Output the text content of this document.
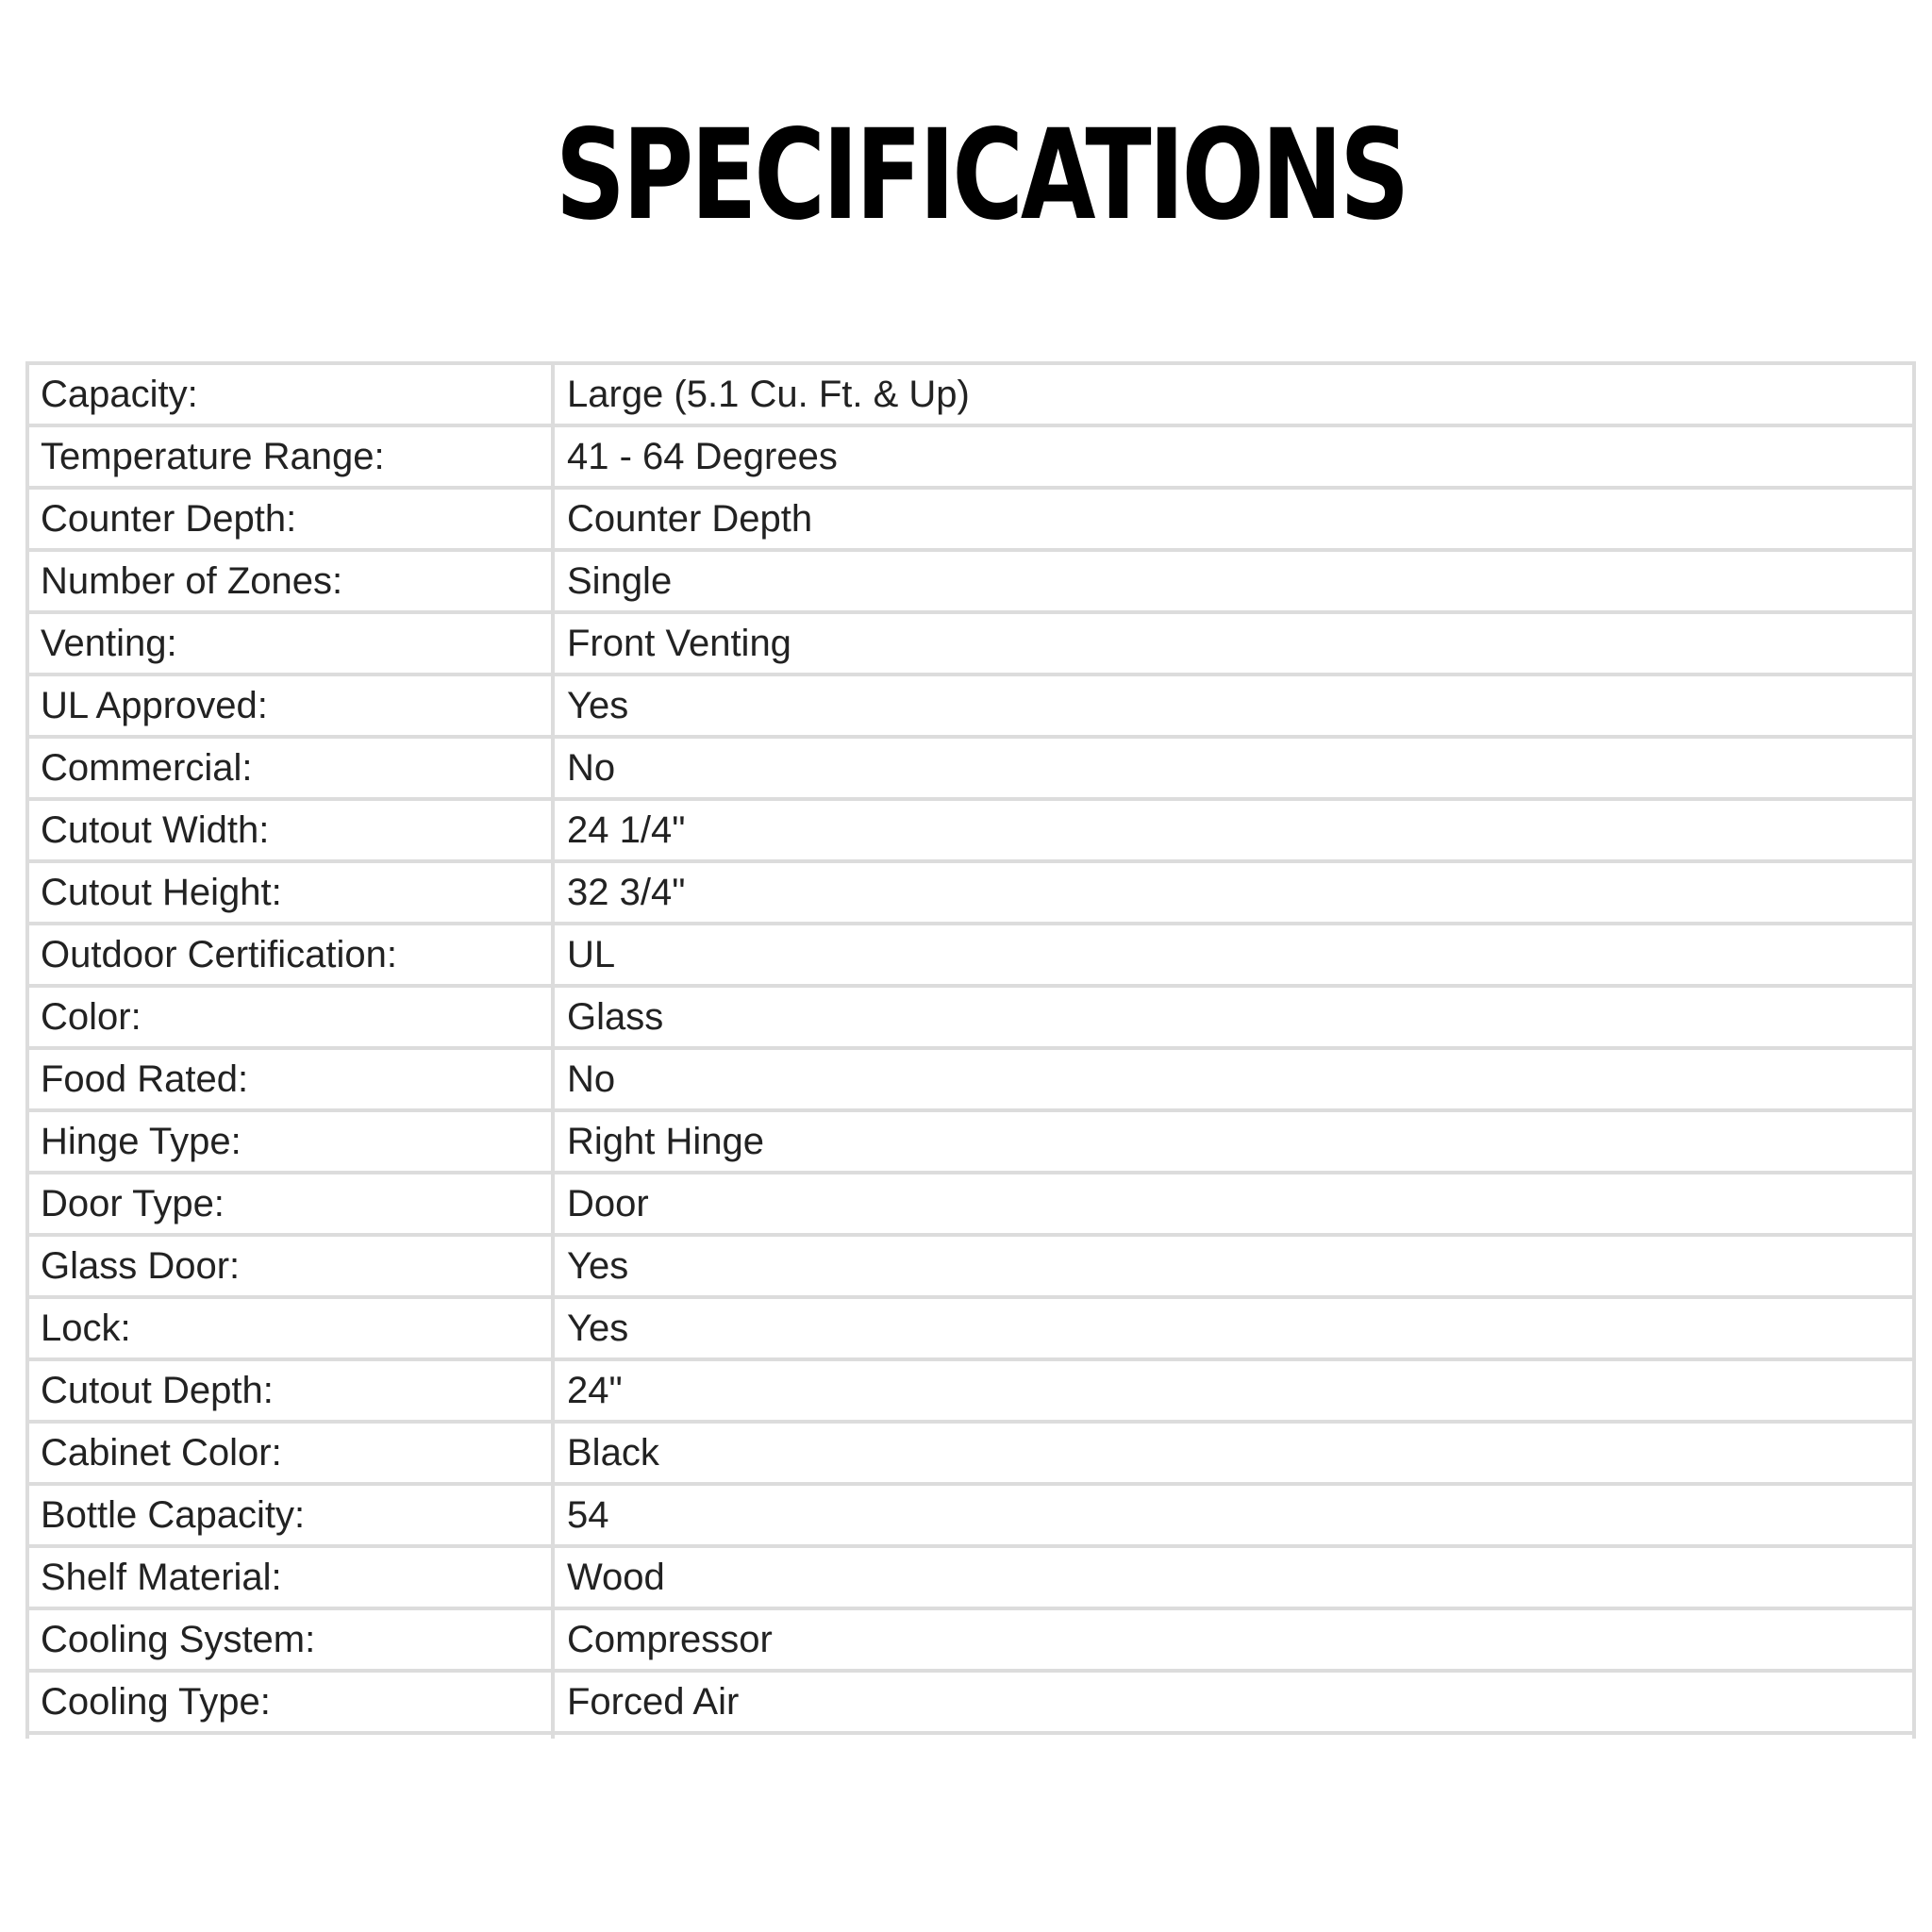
SPECIFICATIONS
Capacity:	Large (5.1 Cu. Ft. & Up)
Temperature Range:	41 - 64 Degrees
Counter Depth:	Counter Depth
Number of Zones:	Single
Venting:	Front Venting
UL Approved:	Yes
Commercial:	No
Cutout Width:	24 1/4"
Cutout Height:	32 3/4"
Outdoor Certification:	UL
Color:	Glass
Food Rated:	No
Hinge Type:	Right Hinge
Door Type:	Door
Glass Door:	Yes
Lock:	Yes
Cutout Depth:	24"
Cabinet Color:	Black
Bottle Capacity:	54
Shelf Material:	Wood
Cooling System:	Compressor
Cooling Type:	Forced Air
